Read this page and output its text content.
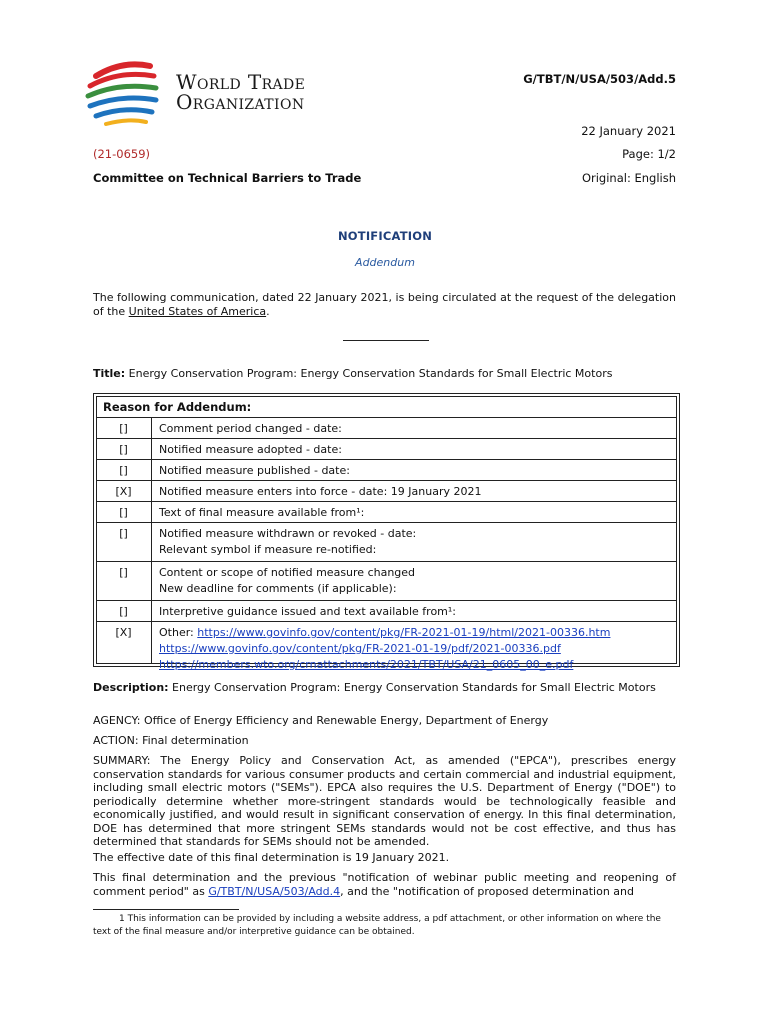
World Trade
Organization
G/TBT/N/USA/503/Add.5
22 January 2021
(21-0659)	Page: 1/2
Committee on Technical Barriers to Trade	Original: English
NOTIFICATION
Addendum
The following communication, dated 22 January 2021, is being circulated at the request of the delegation of the United States of America.
Title: Energy Conservation Program: Energy Conservation Standards for Small Electric Motors
Reason for Addendum:
[]	Comment period changed - date:
[]	Notified measure adopted - date:
[]	Notified measure published - date:
[X]	Notified measure enters into force - date: 19 January 2021
[]	Text of final measure available from¹:
[]	Notified measure withdrawn or revoked - date:
Relevant symbol if measure re-notified:
[]	Content or scope of notified measure changed
New deadline for comments (if applicable):
[]	Interpretive guidance issued and text available from¹:
[X]	Other: https://www.govinfo.gov/content/pkg/FR-2021-01-19/html/2021-00336.htm
https://www.govinfo.gov/content/pkg/FR-2021-01-19/pdf/2021-00336.pdf
https://members.wto.org/crnattachments/2021/TBT/USA/21_0605_00_e.pdf
Description: Energy Conservation Program: Energy Conservation Standards for Small Electric Motors
AGENCY: Office of Energy Efficiency and Renewable Energy, Department of Energy
ACTION: Final determination
SUMMARY: The Energy Policy and Conservation Act, as amended ("EPCA"), prescribes energy conservation standards for various consumer products and certain commercial and industrial equipment, including small electric motors ("SEMs"). EPCA also requires the U.S. Department of Energy ("DOE") to periodically determine whether more-stringent standards would be technologically feasible and economically justified, and would result in significant conservation of energy. In this final determination, DOE has determined that more stringent SEMs standards would not be cost effective, and thus has determined that standards for SEMs should not be amended.
The effective date of this final determination is 19 January 2021.
This final determination and the previous "notification of webinar public meeting and reopening of comment period" as G/TBT/N/USA/503/Add.4, and the "notification of proposed determination and
1 This information can be provided by including a website address, a pdf attachment, or other information on where the text of the final measure and/or interpretive guidance can be obtained.
